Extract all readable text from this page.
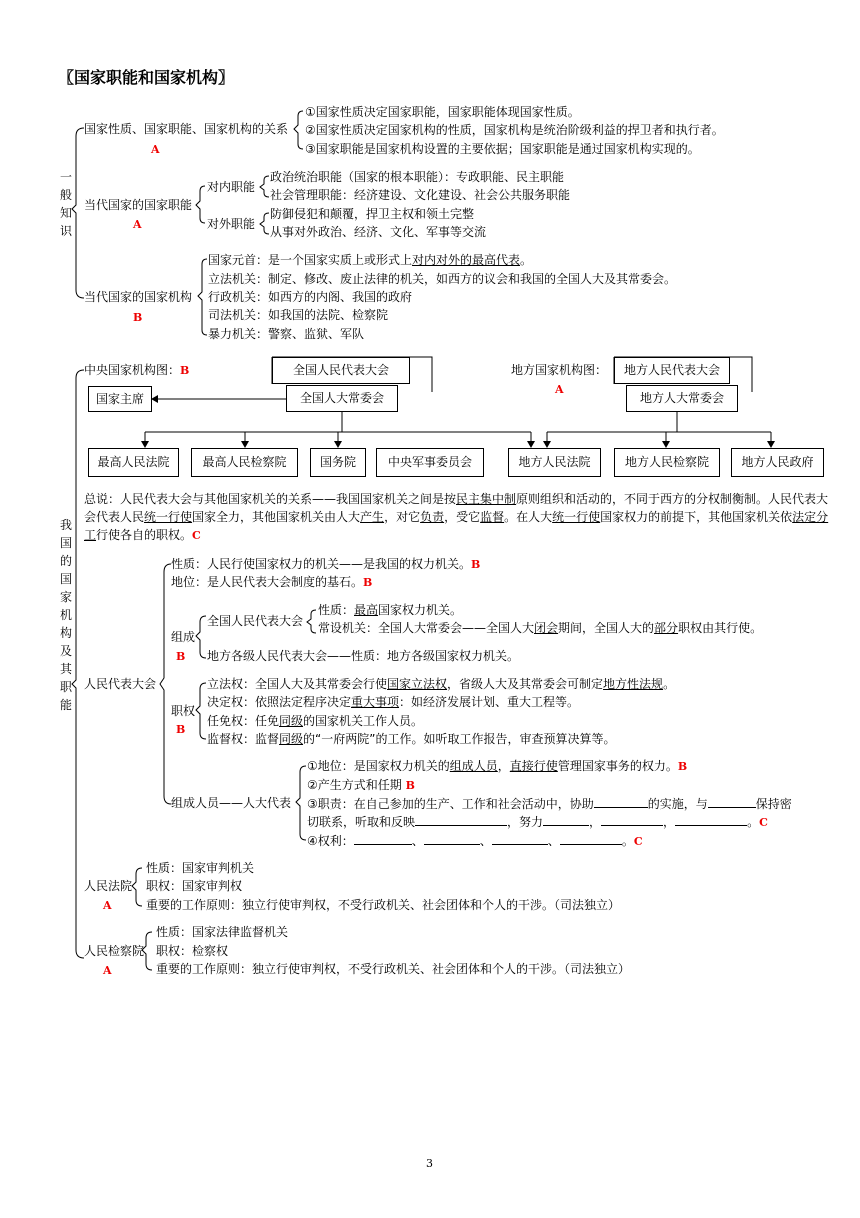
〖国家职能和国家机构〗
一般知识
国家性质、国家职能、国家机构的关系
A
①国家性质决定国家职能，国家职能体现国家性质。
②国家性质决定国家机构的性质，国家机构是统治阶级利益的捍卫者和执行者。
③国家职能是国家机构设置的主要依据；国家职能是通过国家机构实现的。
当代国家的国家职能
A
对内职能
政治统治职能（国家的根本职能）：专政职能、民主职能
社会管理职能：经济建设、文化建设、社会公共服务职能
对外职能
防御侵犯和颠覆，捍卫主权和领土完整
从事对外政治、经济、文化、军事等交流
当代国家的国家机构
B
国家元首：是一个国家实质上或形式上对内对外的最高代表。
立法机关：制定、修改、废止法律的机关，如西方的议会和我国的全国人大及其常委会。
行政机关：如西方的内阁、我国的政府
司法机关：如我国的法院、检察院
暴力机关：警察、监狱、军队
我国的国家机构及其职能
中央国家机构图：B	全国人民代表大会
全国人大常委会
国家主席
最高人民法院	最高人民检察院	国务院	中央军事委员会
地方国家机构图：
A
地方人民代表大会
地方人大常委会
地方人民法院	地方人民检察院	地方人民政府
总说：人民代表大会与其他国家机关的关系——我国国家机关之间是按民主集中制原则组织和活动的，不同于西方的分权制衡制。人民代表大会代表人民统一行使国家全力，其他国家机关由人大产生，对它负责，受它监督。在人大统一行使国家权力的前提下，其他国家机关依法定分工行使各自的职权。C
人民代表大会
性质：人民行使国家权力的机关——是我国的权力机关。B
地位：是人民代表大会制度的基石。B
组成
B
全国人民代表大会
性质：最高国家权力机关。
常设机关：全国人大常委会——全国人大闭会期间，全国人大的部分职权由其行使。
地方各级人民代表大会——性质：地方各级国家权力机关。
职权
B
立法权：全国人大及其常委会行使国家立法权，省级人大及其常委会可制定地方性法规。
决定权：依照法定程序决定重大事项：如经济发展计划、重大工程等。
任免权：任免同级的国家机关工作人员。
监督权：监督同级的“一府两院”的工作。如听取工作报告，审查预算决算等。
组成人员——人大代表
①地位：是国家权力机关的组成人员，直接行使管理国家事务的权力。B
②产生方式和任期 B
③职责：在自己参加的生产、工作和社会活动中，协助	的实施，与	保持密
切联系，听取和反映	，努力	，	，	。C
④权利：	、	、	、	。C
人民法院
A
性质：国家审判机关
职权：国家审判权
重要的工作原则：独立行使审判权，不受行政机关、社会团体和个人的干涉。（司法独立）
人民检察院
A
性质：国家法律监督机关
职权：检察权
重要的工作原则：独立行使审判权，不受行政机关、社会团体和个人的干涉。（司法独立）
3
